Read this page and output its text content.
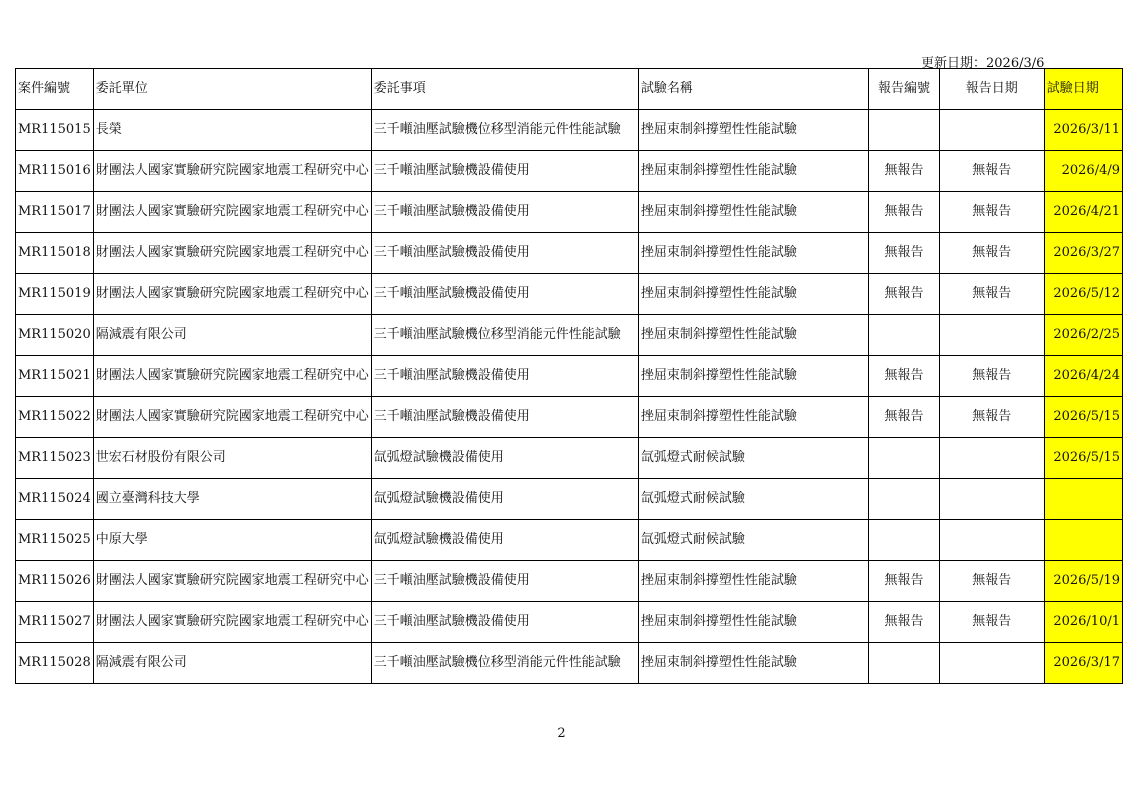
更新日期：2026/3/6
案件編號	委託單位	委託事項	試驗名稱	報告編號	報告日期	試驗日期
MR115015	長榮	三千噸油壓試驗機位移型消能元件性能試驗	挫屈束制斜撐塑性性能試驗			2026/3/11
MR115016	財團法人國家實驗研究院國家地震工程研究中心	三千噸油壓試驗機設備使用	挫屈束制斜撐塑性性能試驗	無報告	無報告	2026/4/9
MR115017	財團法人國家實驗研究院國家地震工程研究中心	三千噸油壓試驗機設備使用	挫屈束制斜撐塑性性能試驗	無報告	無報告	2026/4/21
MR115018	財團法人國家實驗研究院國家地震工程研究中心	三千噸油壓試驗機設備使用	挫屈束制斜撐塑性性能試驗	無報告	無報告	2026/3/27
MR115019	財團法人國家實驗研究院國家地震工程研究中心	三千噸油壓試驗機設備使用	挫屈束制斜撐塑性性能試驗	無報告	無報告	2026/5/12
MR115020	隔減震有限公司	三千噸油壓試驗機位移型消能元件性能試驗	挫屈束制斜撐塑性性能試驗			2026/2/25
MR115021	財團法人國家實驗研究院國家地震工程研究中心	三千噸油壓試驗機設備使用	挫屈束制斜撐塑性性能試驗	無報告	無報告	2026/4/24
MR115022	財團法人國家實驗研究院國家地震工程研究中心	三千噸油壓試驗機設備使用	挫屈束制斜撐塑性性能試驗	無報告	無報告	2026/5/15
MR115023	世宏石材股份有限公司	氙弧燈試驗機設備使用	氙弧燈式耐候試驗			2026/5/15
MR115024	國立臺灣科技大學	氙弧燈試驗機設備使用	氙弧燈式耐候試驗			
MR115025	中原大學	氙弧燈試驗機設備使用	氙弧燈式耐候試驗			
MR115026	財團法人國家實驗研究院國家地震工程研究中心	三千噸油壓試驗機設備使用	挫屈束制斜撐塑性性能試驗	無報告	無報告	2026/5/19
MR115027	財團法人國家實驗研究院國家地震工程研究中心	三千噸油壓試驗機設備使用	挫屈束制斜撐塑性性能試驗	無報告	無報告	2026/10/1
MR115028	隔減震有限公司	三千噸油壓試驗機位移型消能元件性能試驗	挫屈束制斜撐塑性性能試驗			2026/3/17
2
